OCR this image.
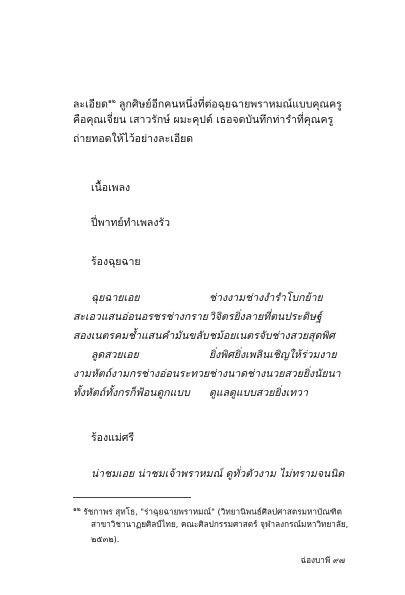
ละเอียด$^{๑๒}$ ลูกศิษย์อีกคนหนึ่งที่ต่อฉุยฉายพราหมณ์แบบคุณครู
คือคุณเจี่ยน เสาวรักษ์ ผมะคุปต์ เธอจดบันทึกท่ารำที่คุณครู
ถ่ายทอดให้ไว้อย่างละเอียด
เนื้อเพลง
ปี่พาทย์ทำเพลงรัว
ร้องฉุยฉาย
ฉุยฉายเอย
สะเอวแสนอ่อนอรชรช่างกราย
สองเนตรคมช้ำแสนคำมันขลับ
ลูดสวยเอย
งามหัตถ์งามกรช่างอ่อนระทวย
ทั้งหัตถ์ทั้งกรก็ฟ้อนดูกแบบ
ช่างงามช่างงำรำโบกย้าย
วิจิตรยิ่งลายที่ตนประดิษฐ์
ชม้อยเนตรจับช่างสวยสุดพิศ
ยิ่งพิศยิ่งเพลินเชิญให้ร่วมงาย
ช่างนาดช่างนวยสวยยิ่งนัยนา
ดูแลดูแบบสวยยิ่งเทวา
ร้องแม่ศรี
น่าชมเอย น่าชมเจ้าพราหมณ์ ดูทั่วตัวงาม ไม่ทรามจนนิด
$^{๑๒}$ รัชกาพร สุทโธ, "ร่าฉุยฉายพราหมณ์" (วิทยานิพนธ์ศิลปศาสตรมหาบัณฑิต
สาขาวิชานาฏยศิลป์ไทย, คณะศิลปกรรมศาสตร์ จุฬาลงกรณ์มหาวิทยาลัย,
๒๕๓๒).
ฉ่องบาพี ๙๗
